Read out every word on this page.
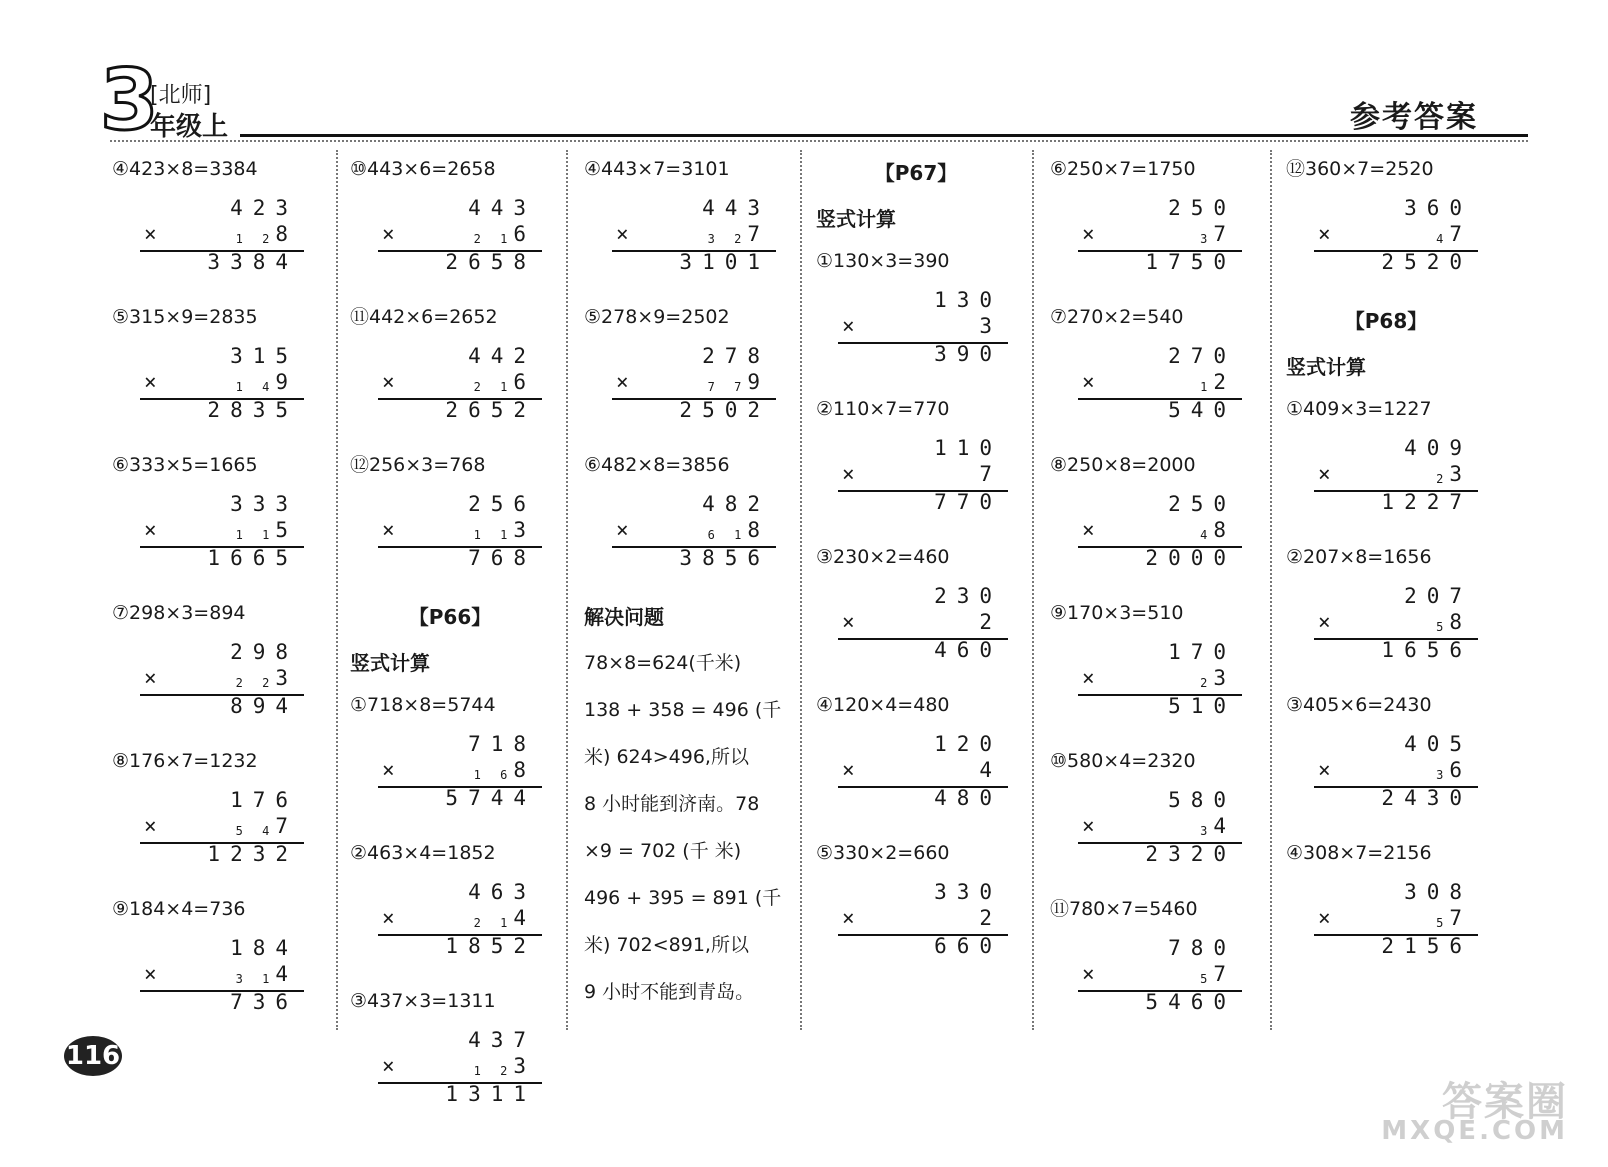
3
[北师]
年级上	参考答案
④423×8=3384
423
×	1 28
3384
⑤315×9=2835
315
×	1 49
2835
⑥333×5=1665
333
×	1 15
1665
⑦298×3=894
298
×	2 23
894
⑧176×7=1232
176
×	5 47
1232
⑨184×4=736
184
×	3 14
736
⑩443×6=2658
443
×	2 16
2658
⑪442×6=2652
442
×	2 16
2652
⑫256×3=768
256
×	1 13
768
【P66】
竖式计算
①718×8=5744
718
×	1 68
5744
②463×4=1852
463
×	2 14
1852
③437×3=1311
437
×	1 23
1311
④443×7=3101
443
×	3 27
3101
⑤278×9=2502
278
×	7 79
2502
⑥482×8=3856
482
×	6 18
3856
解决问题

78×8=624(千米)

138 + 358 = 496 (千

米) 624>496,所以

8 小时能到济南。78

×9 = 702 (千 米)

496 + 395 = 891 (千

米) 702<891,所以

9 小时不能到青岛。

【P67】
竖式计算
①130×3=390
130
×	3
390
②110×7=770
110
×	7
770
③230×2=460
230
×	2
460
④120×4=480
120
×	4
480
⑤330×2=660
330
×	2
660
⑥250×7=1750
250
×	37
1750
⑦270×2=540
270
×	12
540
⑧250×8=2000
250
×	48
2000
⑨170×3=510
170
×	23
510
⑩580×4=2320
580
×	34
2320
⑪780×7=5460
780
×	57
5460
⑫360×7=2520
360
×	47
2520
【P68】
竖式计算
①409×3=1227
409
×	23
1227
②207×8=1656
207
×	58
1656
③405×6=2430
405
×	36
2430
④308×7=2156
308
×	57
2156
116
答案圈
MXQE.COM
